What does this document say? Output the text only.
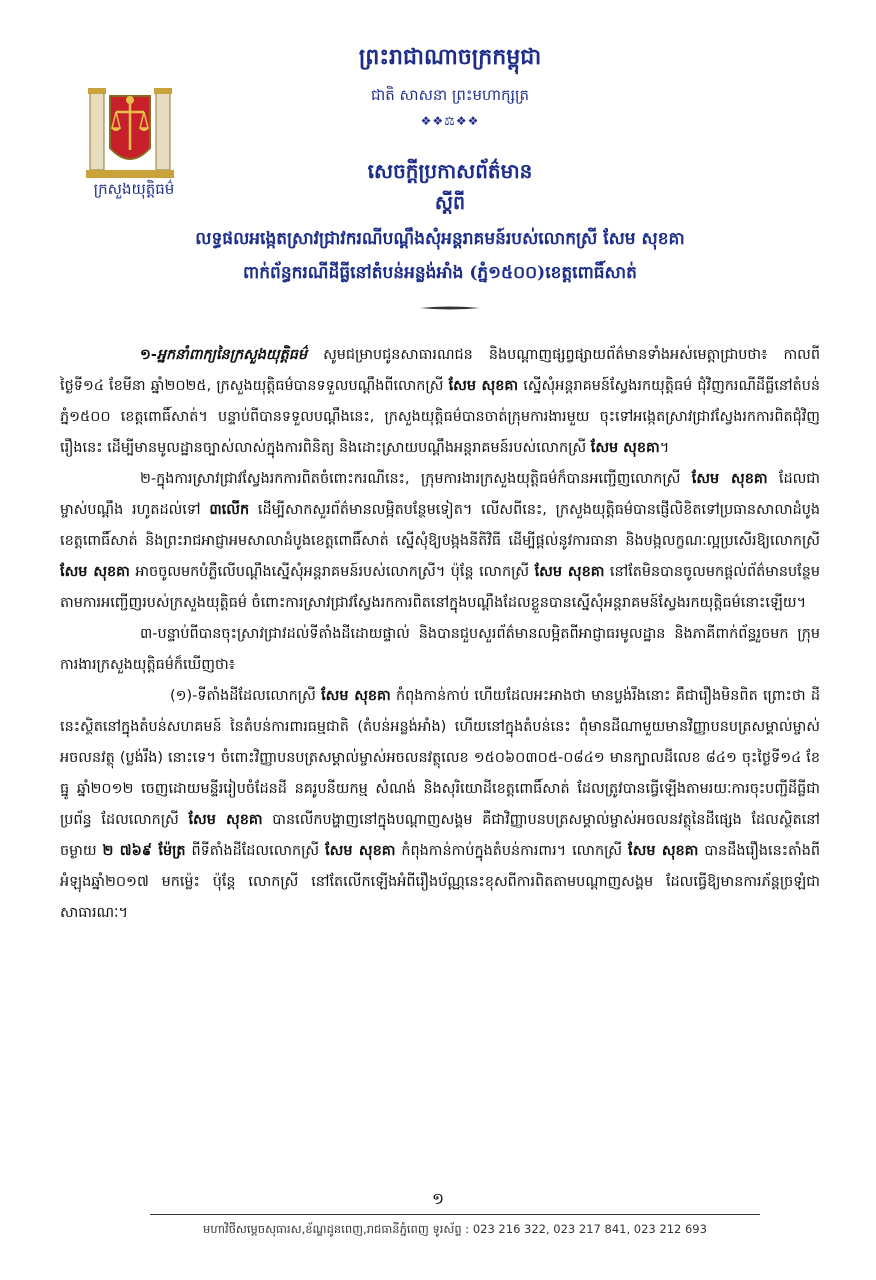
ក្រសួងយុត្តិធម៌
ព្រះរាជាណាចក្រកម្ពុជា
ជាតិ សាសនា ព្រះមហាក្សត្រ
❖❖⚖❖❖
សេចក្តីប្រកាសព័ត៌មាន
ស្តីពី
លទ្ធផលអង្កេតស្រាវជ្រាវករណីបណ្តឹងសុំអន្តរាគមន៍របស់លោកស្រី សែម សុខគា
ពាក់ព័ន្ធករណីដីធ្លីនៅតំបន់អន្លង់អាំង (ភ្នំ១៥០០)ខេត្តពោធិ៍សាត់

១-អ្នកនាំពាក្យនៃក្រសួងយុត្តិធម៌ សូមជម្រាបជូនសាធារណជន និងបណ្តាញផ្សព្វផ្សាយព័ត៌មានទាំងអស់មេត្តាជ្រាបថា៖ កាលពីថ្ងៃទី១៤ ខែមីនា ឆ្នាំ២០២៥, ក្រសួងយុត្តិធម៌បានទទួលបណ្តឹងពីលោកស្រី សែម សុខគា ស្នើសុំអន្តរាគមន៍ស្វែងរកយុត្តិធម៌ ជុំវិញករណីដីធ្លីនៅតំបន់ភ្នំ១៥០០ ខេត្តពោធិ៍សាត់។ បន្ទាប់ពីបានទទួលបណ្តឹងនេះ, ក្រសួងយុត្តិធម៌បានចាត់ក្រុមការងារមួយ ចុះទៅអង្កេតស្រាវជ្រាវស្វែងរកការពិតជុំវិញរឿងនេះ ដើម្បីមានមូលដ្ឋានច្បាស់លាស់ក្នុងការពិនិត្យ និងដោះស្រាយបណ្តឹងអន្តរាគមន៍របស់លោកស្រី សែម សុខគា។

២-ក្នុងការស្រាវជ្រាវស្វែងរកការពិតចំពោះករណីនេះ, ក្រុមការងារក្រសួងយុត្តិធម៌ក៏បានអញ្ជើញលោកស្រី សែម សុខគា ដែលជាម្ចាស់បណ្តឹង រហូតដល់ទៅ ៣លើក ដើម្បីសាកសួរព័ត៌មានលម្អិតបន្ថែមទៀត។ លើសពីនេះ, ក្រសួងយុត្តិធម៌បានផ្ញើលិខិតទៅប្រធានសាលាដំបូងខេត្តពោធិ៍សាត់ និងព្រះរាជអាជ្ញាអមសាលាដំបូងខេត្តពោធិ៍សាត់ ស្នើសុំឱ្យបង្កងនីតិវិធី ដើម្បីផ្តល់នូវការធានា និងបង្កលក្ខណៈល្អប្រសើរឱ្យលោកស្រី សែម សុខគា អាចចូលមកបំភ្លឺលើបណ្តឹងស្នើសុំអន្តរាគមន៍របស់លោកស្រី។ ប៉ុន្តែ លោកស្រី សែម សុខគា នៅតែមិនបានចូលមកផ្តល់ព័ត៌មានបន្ថែម តាមការអញ្ជើញរបស់ក្រសួងយុត្តិធម៌ ចំពោះការស្រាវជ្រាវស្វែងរកការពិតនៅក្នុងបណ្តឹងដែលខ្លួនបានស្នើសុំអន្តរាគមន៍ស្វែងរកយុត្តិធម៌នោះឡើយ។

៣-បន្ទាប់ពីបានចុះស្រាវជ្រាវដល់ទីតាំងដីដោយផ្ទាល់ និងបានជួបសួរព័ត៌មានលម្អិតពីអាជ្ញាធរមូលដ្ឋាន និងភាគីពាក់ព័ន្ធរួចមក ក្រុមការងារក្រសួងយុត្តិធម៌ក៏ឃើញថា៖

(១)-ទីតាំងដីដែលលោកស្រី សែម សុខគា កំពុងកាន់កាប់ ហើយដែលអះអាងថា មានប្លង់រឹងនោះ គឺជារឿងមិនពិត ព្រោះថា ដីនេះស្ថិតនៅក្នុងតំបន់សហគមន៍ នៃតំបន់ការពារធម្មជាតិ (តំបន់អន្លង់អាំង) ហើយនៅក្នុងតំបន់នេះ ពុំមានដីណាមួយមានវិញ្ញាបនបត្រសម្គាល់ម្ចាស់អចលនវត្ថុ (ប្លង់រឹង) នោះទេ។ ចំពោះវិញ្ញាបនបត្រសម្គាល់ម្ចាស់អចលនវត្ថុលេខ ១៥០៦០៣០៥-០៨៤១ មានក្បាលដីលេខ ៨៤១ ចុះថ្ងៃទី១៤ ខែធ្នូ ឆ្នាំ២០១២ ចេញដោយមន្ទីររៀបចំដែនដី នគរូបនីយកម្ម សំណង់ និងសុរិយោដីខេត្តពោធិ៍សាត់ ដែលត្រូវបានធ្វើឡើងតាមរយៈការចុះបញ្ជីដីធ្លីជាប្រព័ន្ធ ដែលលោកស្រី សែម សុខគា បានលើកបង្ហាញនៅក្នុងបណ្តាញសង្គម គឺជាវិញ្ញាបនបត្រសម្គាល់ម្ចាស់អចលនវត្ថុនៃដីផ្សេង ដែលស្ថិតនៅចម្ងាយ ២ ៧៦៩ ម៉ែត្រ ពីទីតាំងដីដែលលោកស្រី សែម សុខគា កំពុងកាន់កាប់ក្នុងតំបន់ការពារ។ លោកស្រី សែម សុខគា បានដឹងរឿងនេះតាំងពីអំឡុងឆ្នាំ២០១៧ មកម្ល៉េះ ប៉ុន្តែ លោកស្រី នៅតែលើកឡើងអំពីរឿងប័ណ្ណនេះខុសពីការពិតតាមបណ្តាញសង្គម ដែលធ្វើឱ្យមានការភ័ន្តច្រឡំជាសាធារណៈ។

១
មហាវិថីសម្តេចសុធារស,ខ័ណ្ឌដូនពេញ,រាជធានីភ្នំពេញ ទូរស័ព្ទ : 023 216 322, 023 217 841, 023 212 693
